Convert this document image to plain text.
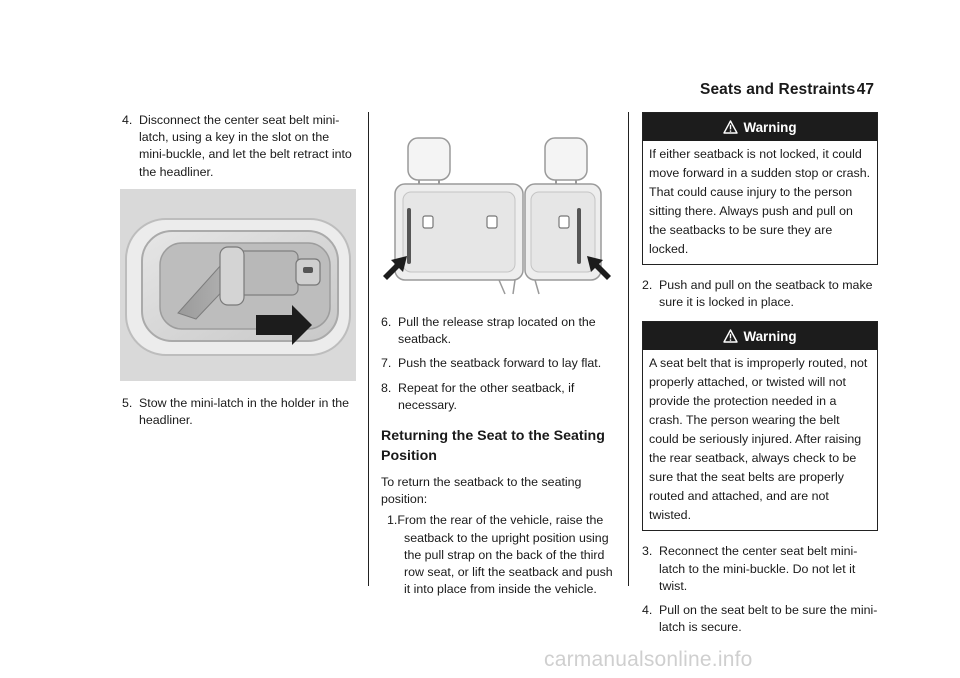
Seats and Restraints 47

4. Disconnect the center seat belt mini-latch, using a key in the slot on the mini-buckle, and let the belt retract into the headliner.

5. Stow the mini-latch in the holder in the headliner.

6. Pull the release strap located on the seatback.

7. Push the seatback forward to lay flat.

8. Repeat for the other seatback, if necessary.

Returning the Seat to the Seating Position

To return the seatback to the seating position:

1.From the rear of the vehicle, raise the seatback to the upright position using the pull strap on the back of the third row seat, or lift the seatback and push it into place from inside the vehicle.

Warning
If either seatback is not locked, it could move forward in a sudden stop or crash. That could cause injury to the person sitting there. Always push and pull on the seatbacks to be sure they are locked.

2. Push and pull on the seatback to make sure it is locked in place.

Warning
A seat belt that is improperly routed, not properly attached, or twisted will not provide the protection needed in a crash. The person wearing the belt could be seriously injured. After raising the rear seatback, always check to be sure that the seat belts are properly routed and attached, and are not twisted.

3. Reconnect the center seat belt mini-latch to the mini-buckle. Do not let it twist.

4. Pull on the seat belt to be sure the mini-latch is secure.

carmanualsonline.info
